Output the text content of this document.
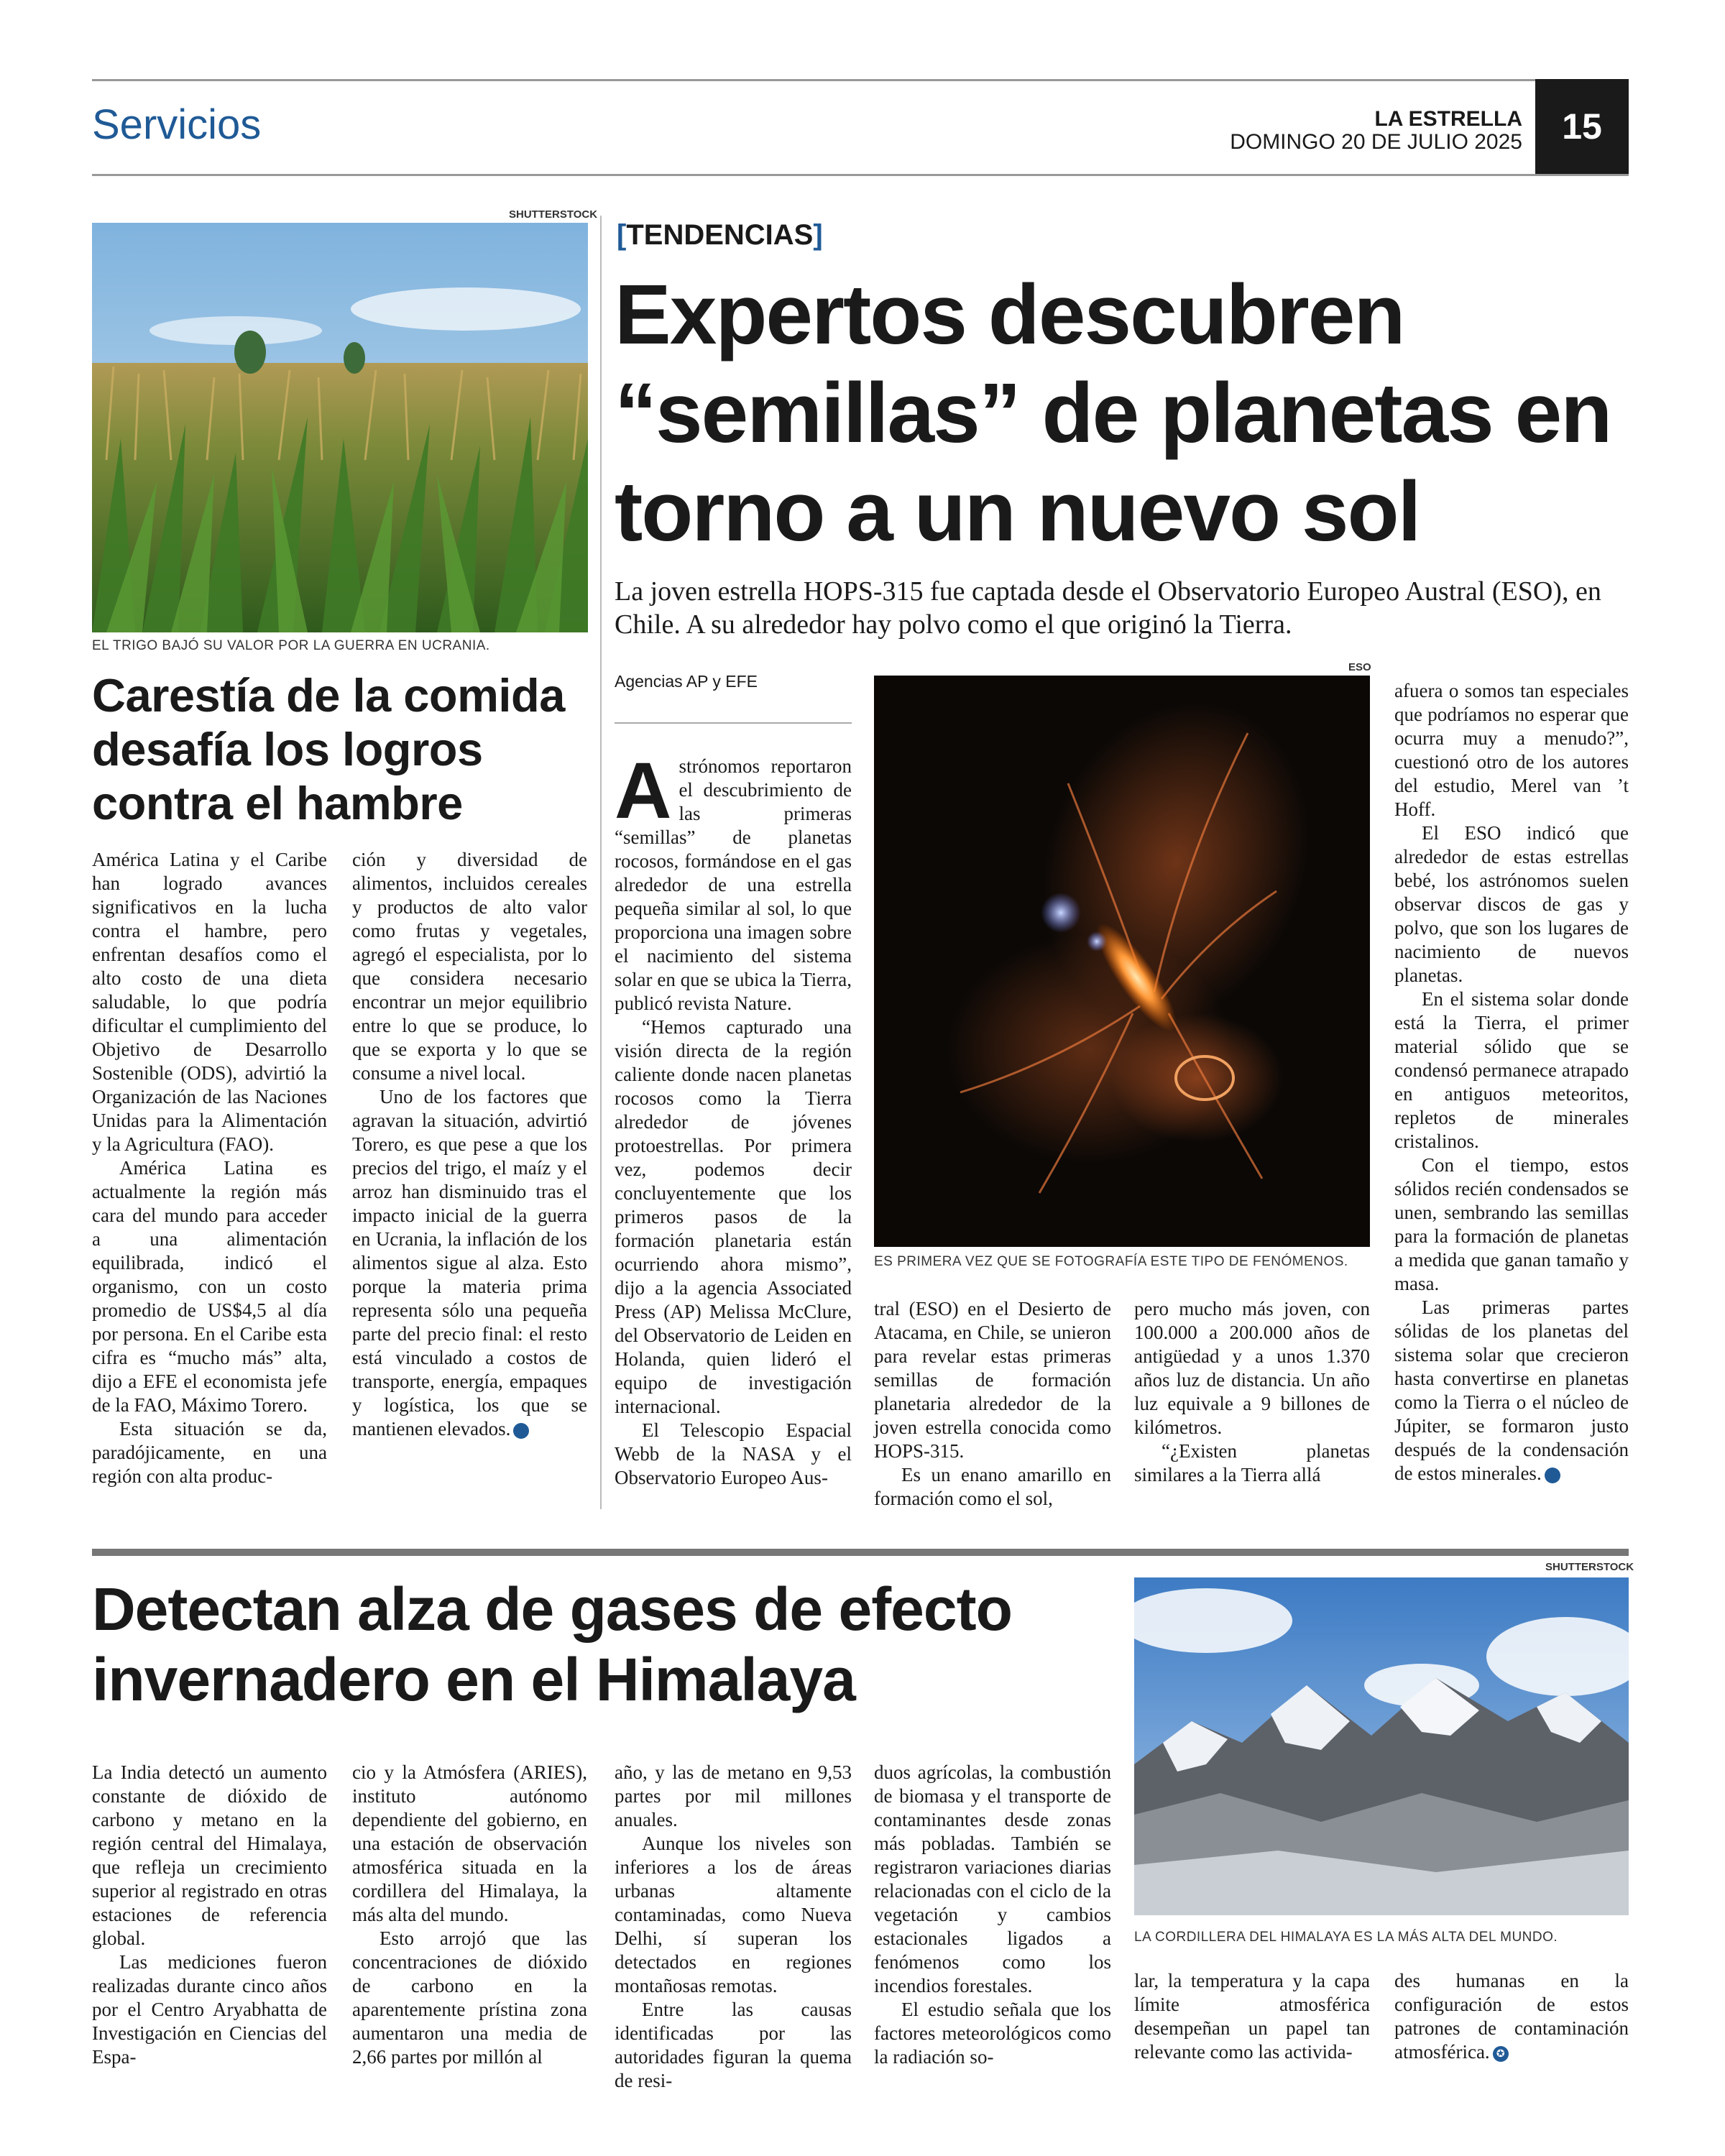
Servicios	LA ESTRELLA
DOMINGO 20 DE JULIO 2025	15
SHUTTERSTOCK
EL TRIGO BAJÓ SU VALOR POR LA GUERRA EN UCRANIA.
Carestía de la comida desafía los logros contra el hambre

América Latina y el Caribe han logrado avances significativos en la lucha contra el hambre, pero enfrentan desafíos como el alto costo de una dieta saludable, lo que podría dificultar el cumplimiento del Objetivo de Desarrollo Sostenible (ODS), advirtió la Organización de las Naciones Unidas para la Alimentación y la Agricultura (FAO).

América Latina es actualmente la región más cara del mundo para acceder a una alimentación equilibrada, indicó el organismo, con un costo promedio de US$4,5 al día por persona. En el Caribe esta cifra es “mucho más” alta, dijo a EFE el economista jefe de la FAO, Máximo Torero.

Esta situación se da, paradójicamente, en una región con alta produc-

ción y diversidad de alimentos, incluidos cereales y productos de alto valor como frutas y vegetales, agregó el especialista, por lo que considera necesario encontrar un mejor equilibrio entre lo que se produce, lo que se exporta y lo que se consume a nivel local.

Uno de los factores que agravan la situación, advirtió Torero, es que pese a que los precios del trigo, el maíz y el arroz han disminuido tras el impacto inicial de la guerra en Ucrania, la inflación de los alimentos sigue al alza. Esto porque la materia prima representa sólo una pequeña parte del precio final: el resto está vinculado a costos de transporte, energía, empaques y logística, los que se mantienen elevados.	✪

[TENDENCIAS]
Expertos descubren “semillas” de planetas en torno a un nuevo sol
La joven estrella HOPS-315 fue captada desde el Observatorio Europeo Austral (ESO), en Chile. A su alrededor hay polvo como el que originó la Tierra.
Agencias AP y EFE
ESO
ES PRIMERA VEZ QUE SE FOTOGRAFÍA ESTE TIPO DE FENÓMENOS.

Astrónomos reportaron el descubrimiento de las primeras “semillas” de planetas rocosos, formándose en el gas alrededor de una estrella pequeña similar al sol, lo que proporciona una imagen sobre el nacimiento del sistema solar en que se ubica la Tierra, publicó revista Nature.

“Hemos capturado una visión directa de la región caliente donde nacen planetas rocosos como la Tierra alrededor de jóvenes protoestrellas. Por primera vez, podemos decir concluyentemente que los primeros pasos de la formación planetaria están ocurriendo ahora mismo”, dijo a la agencia Associated Press (AP) Melissa McClure, del Observatorio de Leiden en Holanda, quien lideró el equipo de investigación internacional.

El Telescopio Espacial Webb de la NASA y el Observatorio Europeo Aus-

tral (ESO) en el Desierto de Atacama, en Chile, se unieron para revelar estas primeras semillas de formación planetaria alrededor de la joven estrella conocida como HOPS-315.

Es un enano amarillo en formación como el sol,

pero mucho más joven, con 100.000 a 200.000 años de antigüedad y a unos 1.370 años luz de distancia. Un año luz equivale a 9 billones de kilómetros.

“¿Existen planetas similares a la Tierra allá

afuera o somos tan especiales que podríamos no esperar que ocurra muy a menudo?”, cuestionó otro de los autores del estudio, Merel van ’t Hoff.

El ESO indicó que alrededor de estas estrellas bebé, los astrónomos suelen observar discos de gas y polvo, que son los lugares de nacimiento de nuevos planetas.

En el sistema solar donde está la Tierra, el primer material sólido que se condensó permanece atrapado en antiguos meteoritos, repletos de minerales cristalinos.

Con el tiempo, estos sólidos recién condensados se unen, sembrando las semillas para la formación de planetas a medida que ganan tamaño y masa.

Las primeras partes sólidas de los planetas del sistema solar que crecieron hasta convertirse en planetas como la Tierra o el núcleo de Júpiter, se formaron justo después de la condensación de estos minerales.	✪

Detectan alza de gases de efecto invernadero en el Himalaya
SHUTTERSTOCK
LA CORDILLERA DEL HIMALAYA ES LA MÁS ALTA DEL MUNDO.

La India detectó un aumento constante de dióxido de carbono y metano en la región central del Himalaya, que refleja un crecimiento superior al registrado en otras estaciones de referencia global.

Las mediciones fueron realizadas durante cinco años por el Centro Aryabhatta de Investigación en Ciencias del Espa-

cio y la Atmósfera (ARIES), instituto autónomo dependiente del gobierno, en una estación de observación atmosférica situada en la cordillera del Himalaya, la más alta del mundo.

Esto arrojó que las concentraciones de dióxido de carbono en la aparentemente prístina zona aumentaron una media de 2,66 partes por millón al

año, y las de metano en 9,53 partes por mil millones anuales.

Aunque los niveles son inferiores a los de áreas urbanas altamente contaminadas, como Nueva Delhi, sí superan los detectados en regiones montañosas remotas.

Entre las causas identificadas por las autoridades figuran la quema de resi-

duos agrícolas, la combustión de biomasa y el transporte de contaminantes desde zonas más pobladas. También se registraron variaciones diarias relacionadas con el ciclo de la vegetación y cambios estacionales ligados a fenómenos como los incendios forestales.

El estudio señala que los factores meteorológicos como la radiación so-

lar, la temperatura y la capa límite atmosférica desempeñan un papel tan relevante como las activida-

des humanas en la configuración de estos patrones de contaminación atmosférica. ✪
